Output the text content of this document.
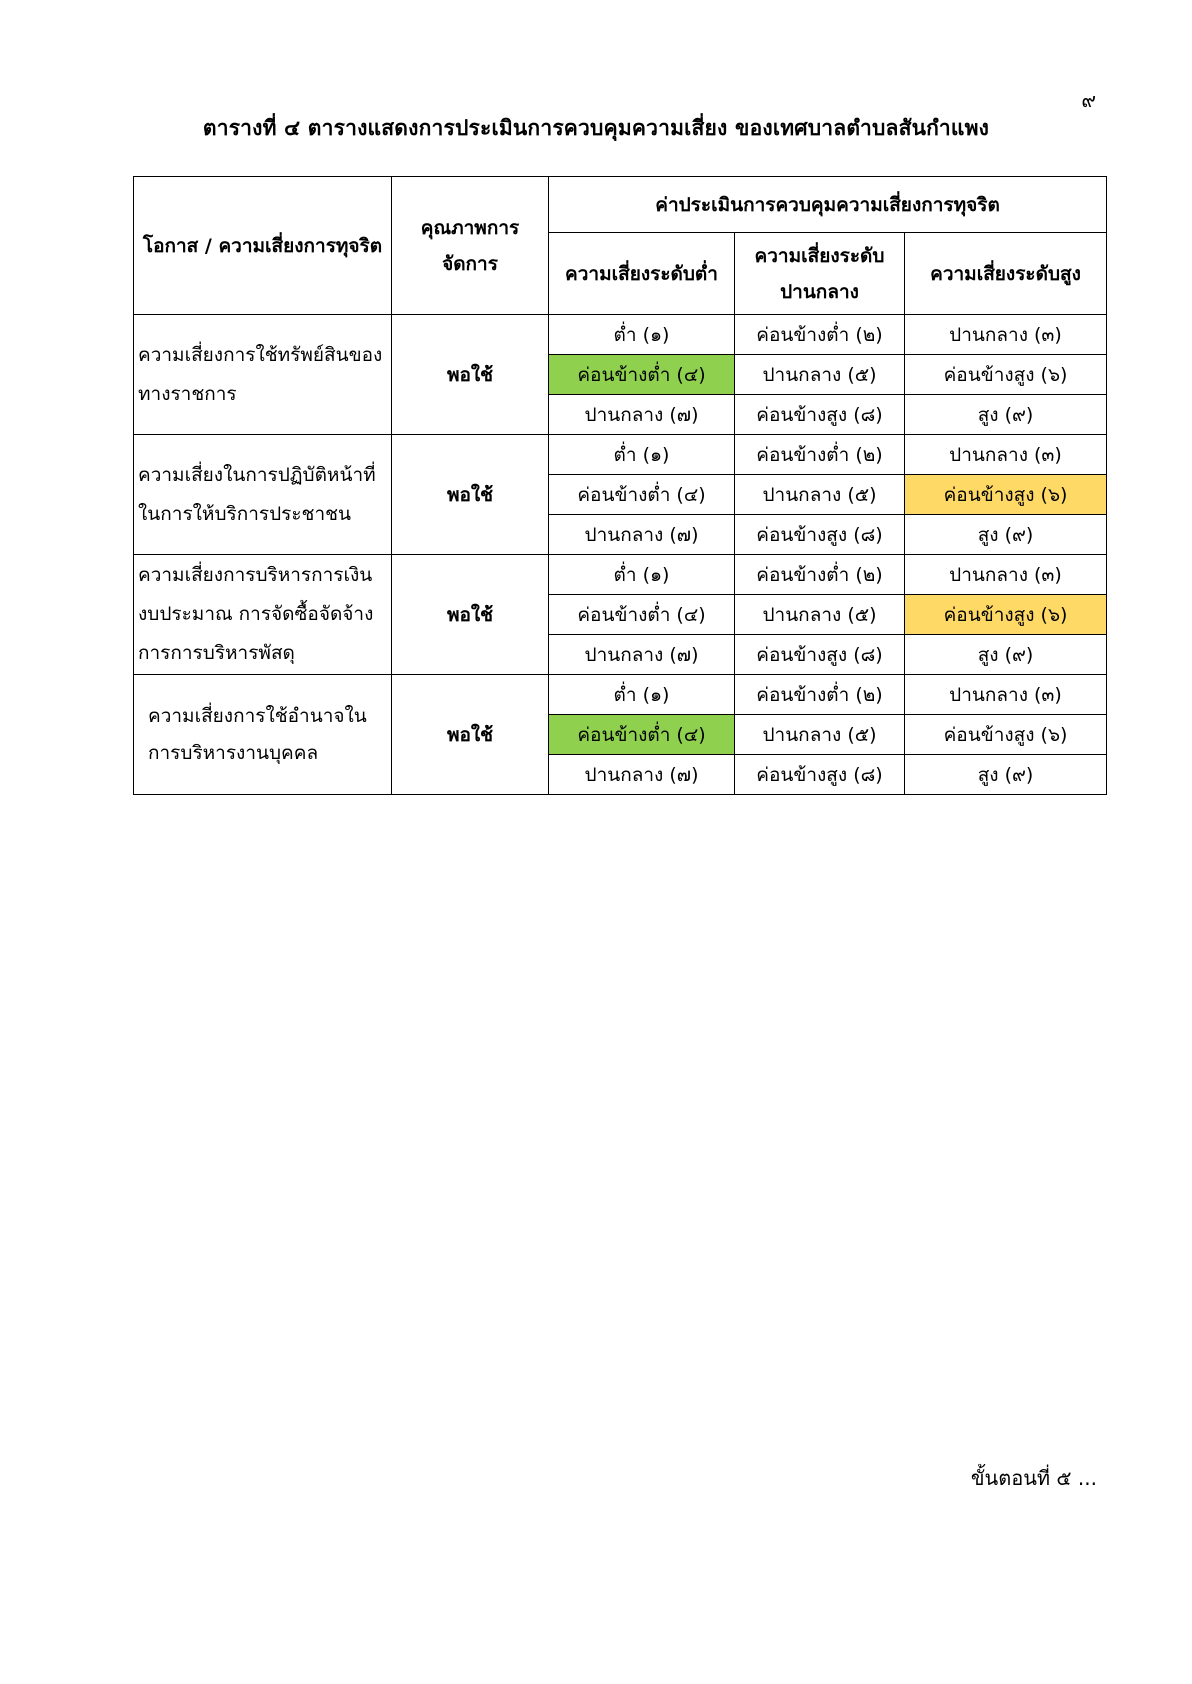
๙
ตารางที่ ๔ ตารางแสดงการประเมินการควบคุมความเสี่ยง ของเทศบาลตำบลสันกำแพง
โอกาส / ความเสี่ยงการทุจริต	คุณภาพการจัดการ	ค่าประเมินการควบคุมความเสี่ยงการทุจริต		
		ความเสี่ยงระดับต่ำ	ความเสี่ยงระดับปานกลาง	ความเสี่ยงระดับสูง
ความเสี่ยงการใช้ทรัพย์สินของทางราชการ	พอใช้	ต่ำ (๑)	ค่อนข้างต่ำ (๒)	ปานกลาง (๓)
		ค่อนข้างต่ำ (๔)	ปานกลาง (๕)	ค่อนข้างสูง (๖)
		ปานกลาง (๗)	ค่อนข้างสูง (๘)	สูง (๙)
ความเสี่ยงในการปฏิบัติหน้าที่ในการให้บริการประชาชน	พอใช้	ต่ำ (๑)	ค่อนข้างต่ำ (๒)	ปานกลาง (๓)
		ค่อนข้างต่ำ (๔)	ปานกลาง (๕)	ค่อนข้างสูง (๖)
		ปานกลาง (๗)	ค่อนข้างสูง (๘)	สูง (๙)
ความเสี่ยงการบริหารการเงินงบประมาณ การจัดซื้อจัดจ้าง การการบริหารพัสดุ	พอใช้	ต่ำ (๑)	ค่อนข้างต่ำ (๒)	ปานกลาง (๓)
		ค่อนข้างต่ำ (๔)	ปานกลาง (๕)	ค่อนข้างสูง (๖)
		ปานกลาง (๗)	ค่อนข้างสูง (๘)	สูง (๙)
ความเสี่ยงการใช้อำนาจในการบริหารงานบุคคล	พอใช้	ต่ำ (๑)	ค่อนข้างต่ำ (๒)	ปานกลาง (๓)
		ค่อนข้างต่ำ (๔)	ปานกลาง (๕)	ค่อนข้างสูง (๖)
		ปานกลาง (๗)	ค่อนข้างสูง (๘)	สูง (๙)
ขั้นตอนที่ ๕ ...
